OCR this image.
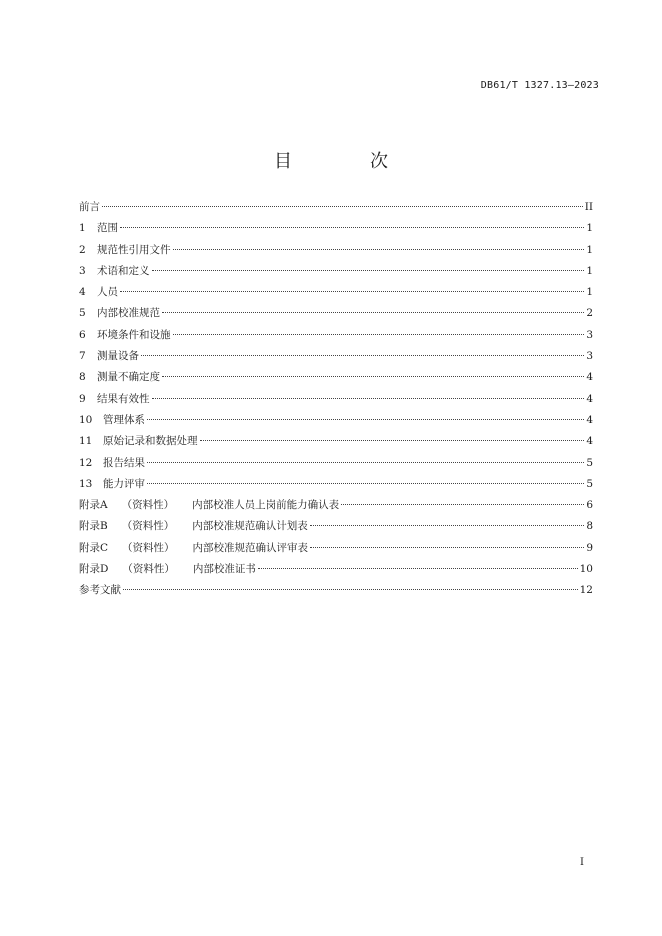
DB61/T 1327.13—2023
目　次
前言	II
1 范围	1
2 规范性引用文件	1
3 术语和定义	1
4 人员	1
5 内部校准规范	2
6 环境条件和设施	3
7 测量设备	3
8 测量不确定度	4
9 结果有效性	4
10 管理体系	4
11 原始记录和数据处理	4
12 报告结果	5
13 能力评审	5
附录A （资料性） 内部校准人员上岗前能力确认表	6
附录B （资料性） 内部校准规范确认计划表	8
附录C （资料性） 内部校准规范确认评审表	9
附录D （资料性） 内部校准证书	10
参考文献	12
I
